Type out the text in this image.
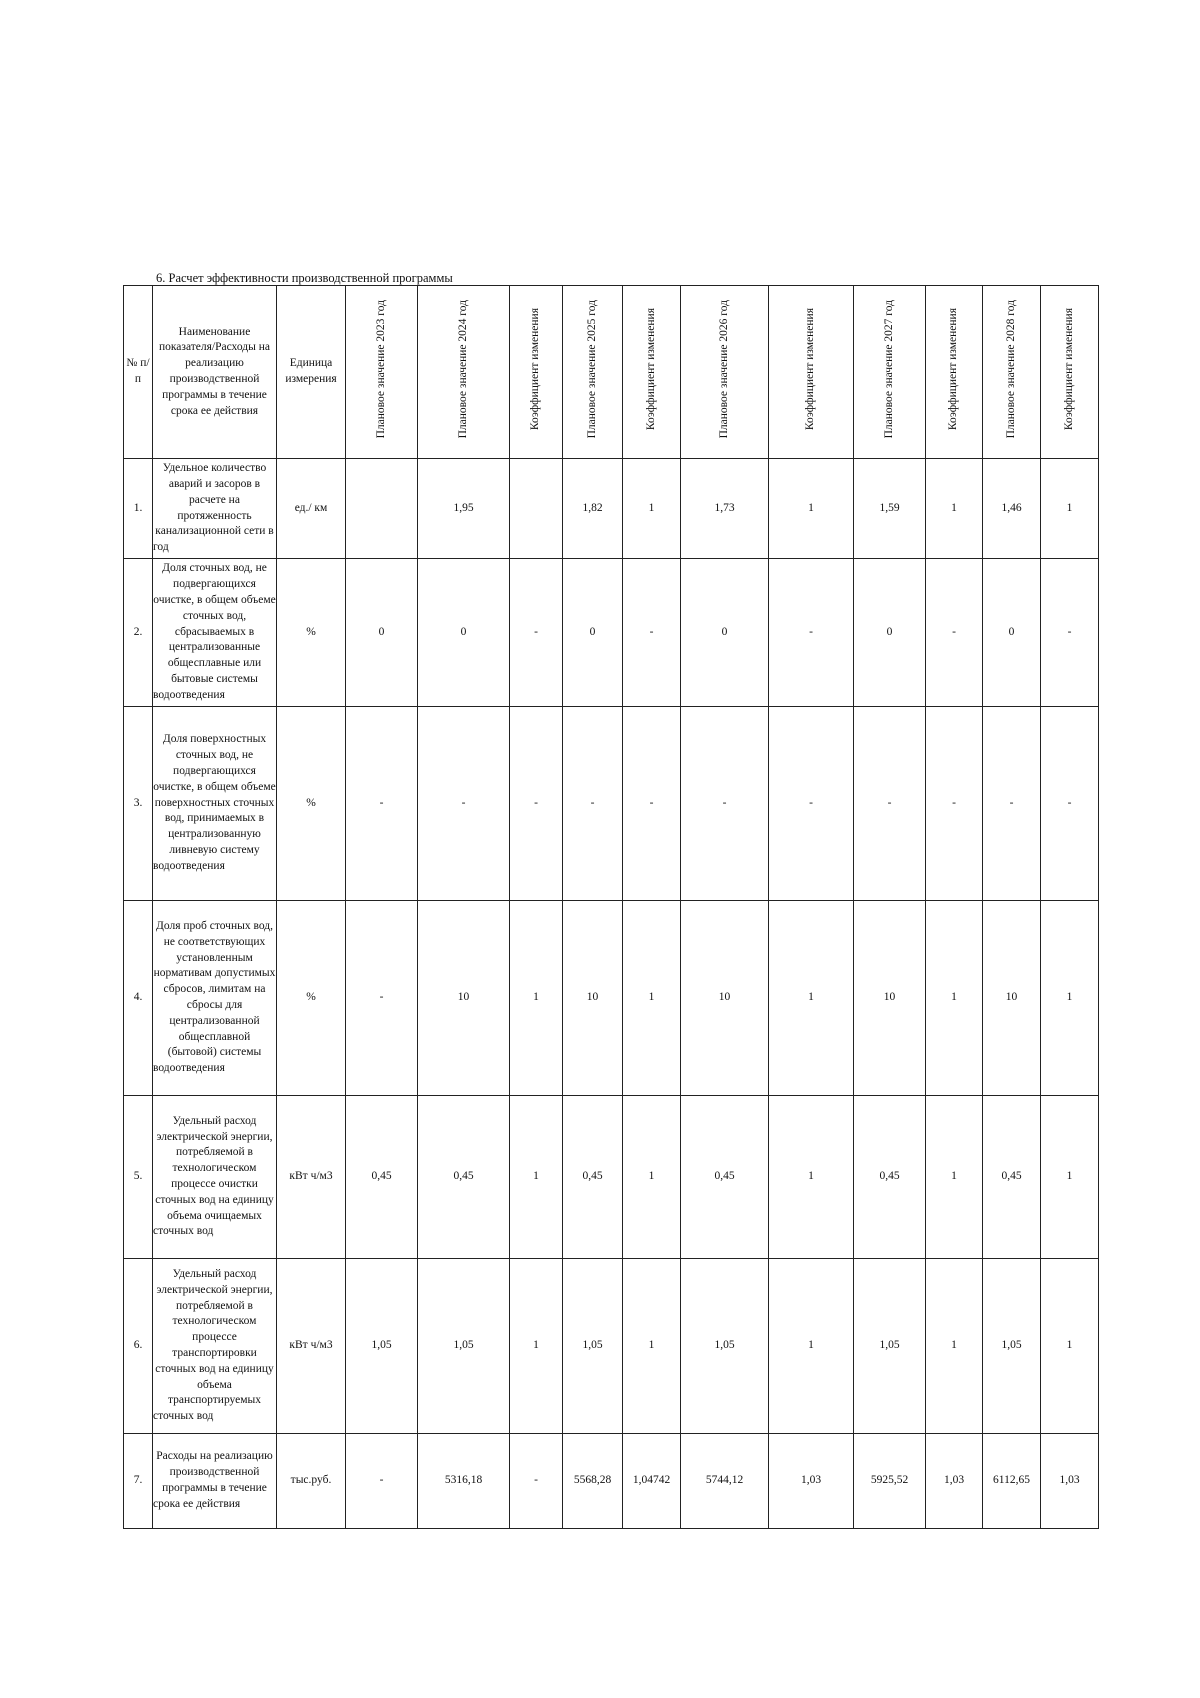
6. Расчет эффективности производственной программы
№ п/п	Наименование показателя/Расходы на реализацию производственной программы в течение срока ее действия	Единица измерения	Плановое значение 2023 год	Плановое значение 2024 год	Коэффициент изменения	Плановое значение 2025 год	Коэффициент изменения	Плановое значение 2026 год	Коэффициент изменения	Плановое значение 2027 год	Коэффициент изменения	Плановое значение 2028 год	Коэффициент изменения
1.	Удельное количество аварий и засоров в расчете на протяженность канализационной сети в год	ед./ км		1,95		1,82	1	1,73	1	1,59	1	1,46	1
2.	Доля сточных вод, не подвергающихся очистке, в общем объеме сточных вод, сбрасываемых в централизованные общесплавные или бытовые системы водоотведения	%	0	0	-	0	-	0	-	0	-	0	-
3.	Доля поверхностных сточных вод, не подвергающихся очистке, в общем объеме поверхностных сточных вод, принимаемых в централизованную ливневую систему водоотведения	%	-	-	-	-	-	-	-	-	-	-	-
4.	Доля проб сточных вод, не соответствующих установленным нормативам допустимых сбросов, лимитам на сбросы для централизованной общесплавной (бытовой) системы водоотведения	%	-	10	1	10	1	10	1	10	1	10	1
5.	Удельный расход электрической энергии, потребляемой в технологическом процессе очистки сточных вод на единицу объема очищаемых сточных вод	кВт ч/м3	0,45	0,45	1	0,45	1	0,45	1	0,45	1	0,45	1
6.	Удельный расход электрической энергии, потребляемой в технологическом процессе транспортировки сточных вод на единицу объема транспортируемых сточных вод	кВт ч/м3	1,05	1,05	1	1,05	1	1,05	1	1,05	1	1,05	1
7.	Расходы на реализацию производственной программы в течение срока ее действия	тыс.руб.	-	5316,18	-	5568,28	1,04742	5744,12	1,03	5925,52	1,03	6112,65	1,03
